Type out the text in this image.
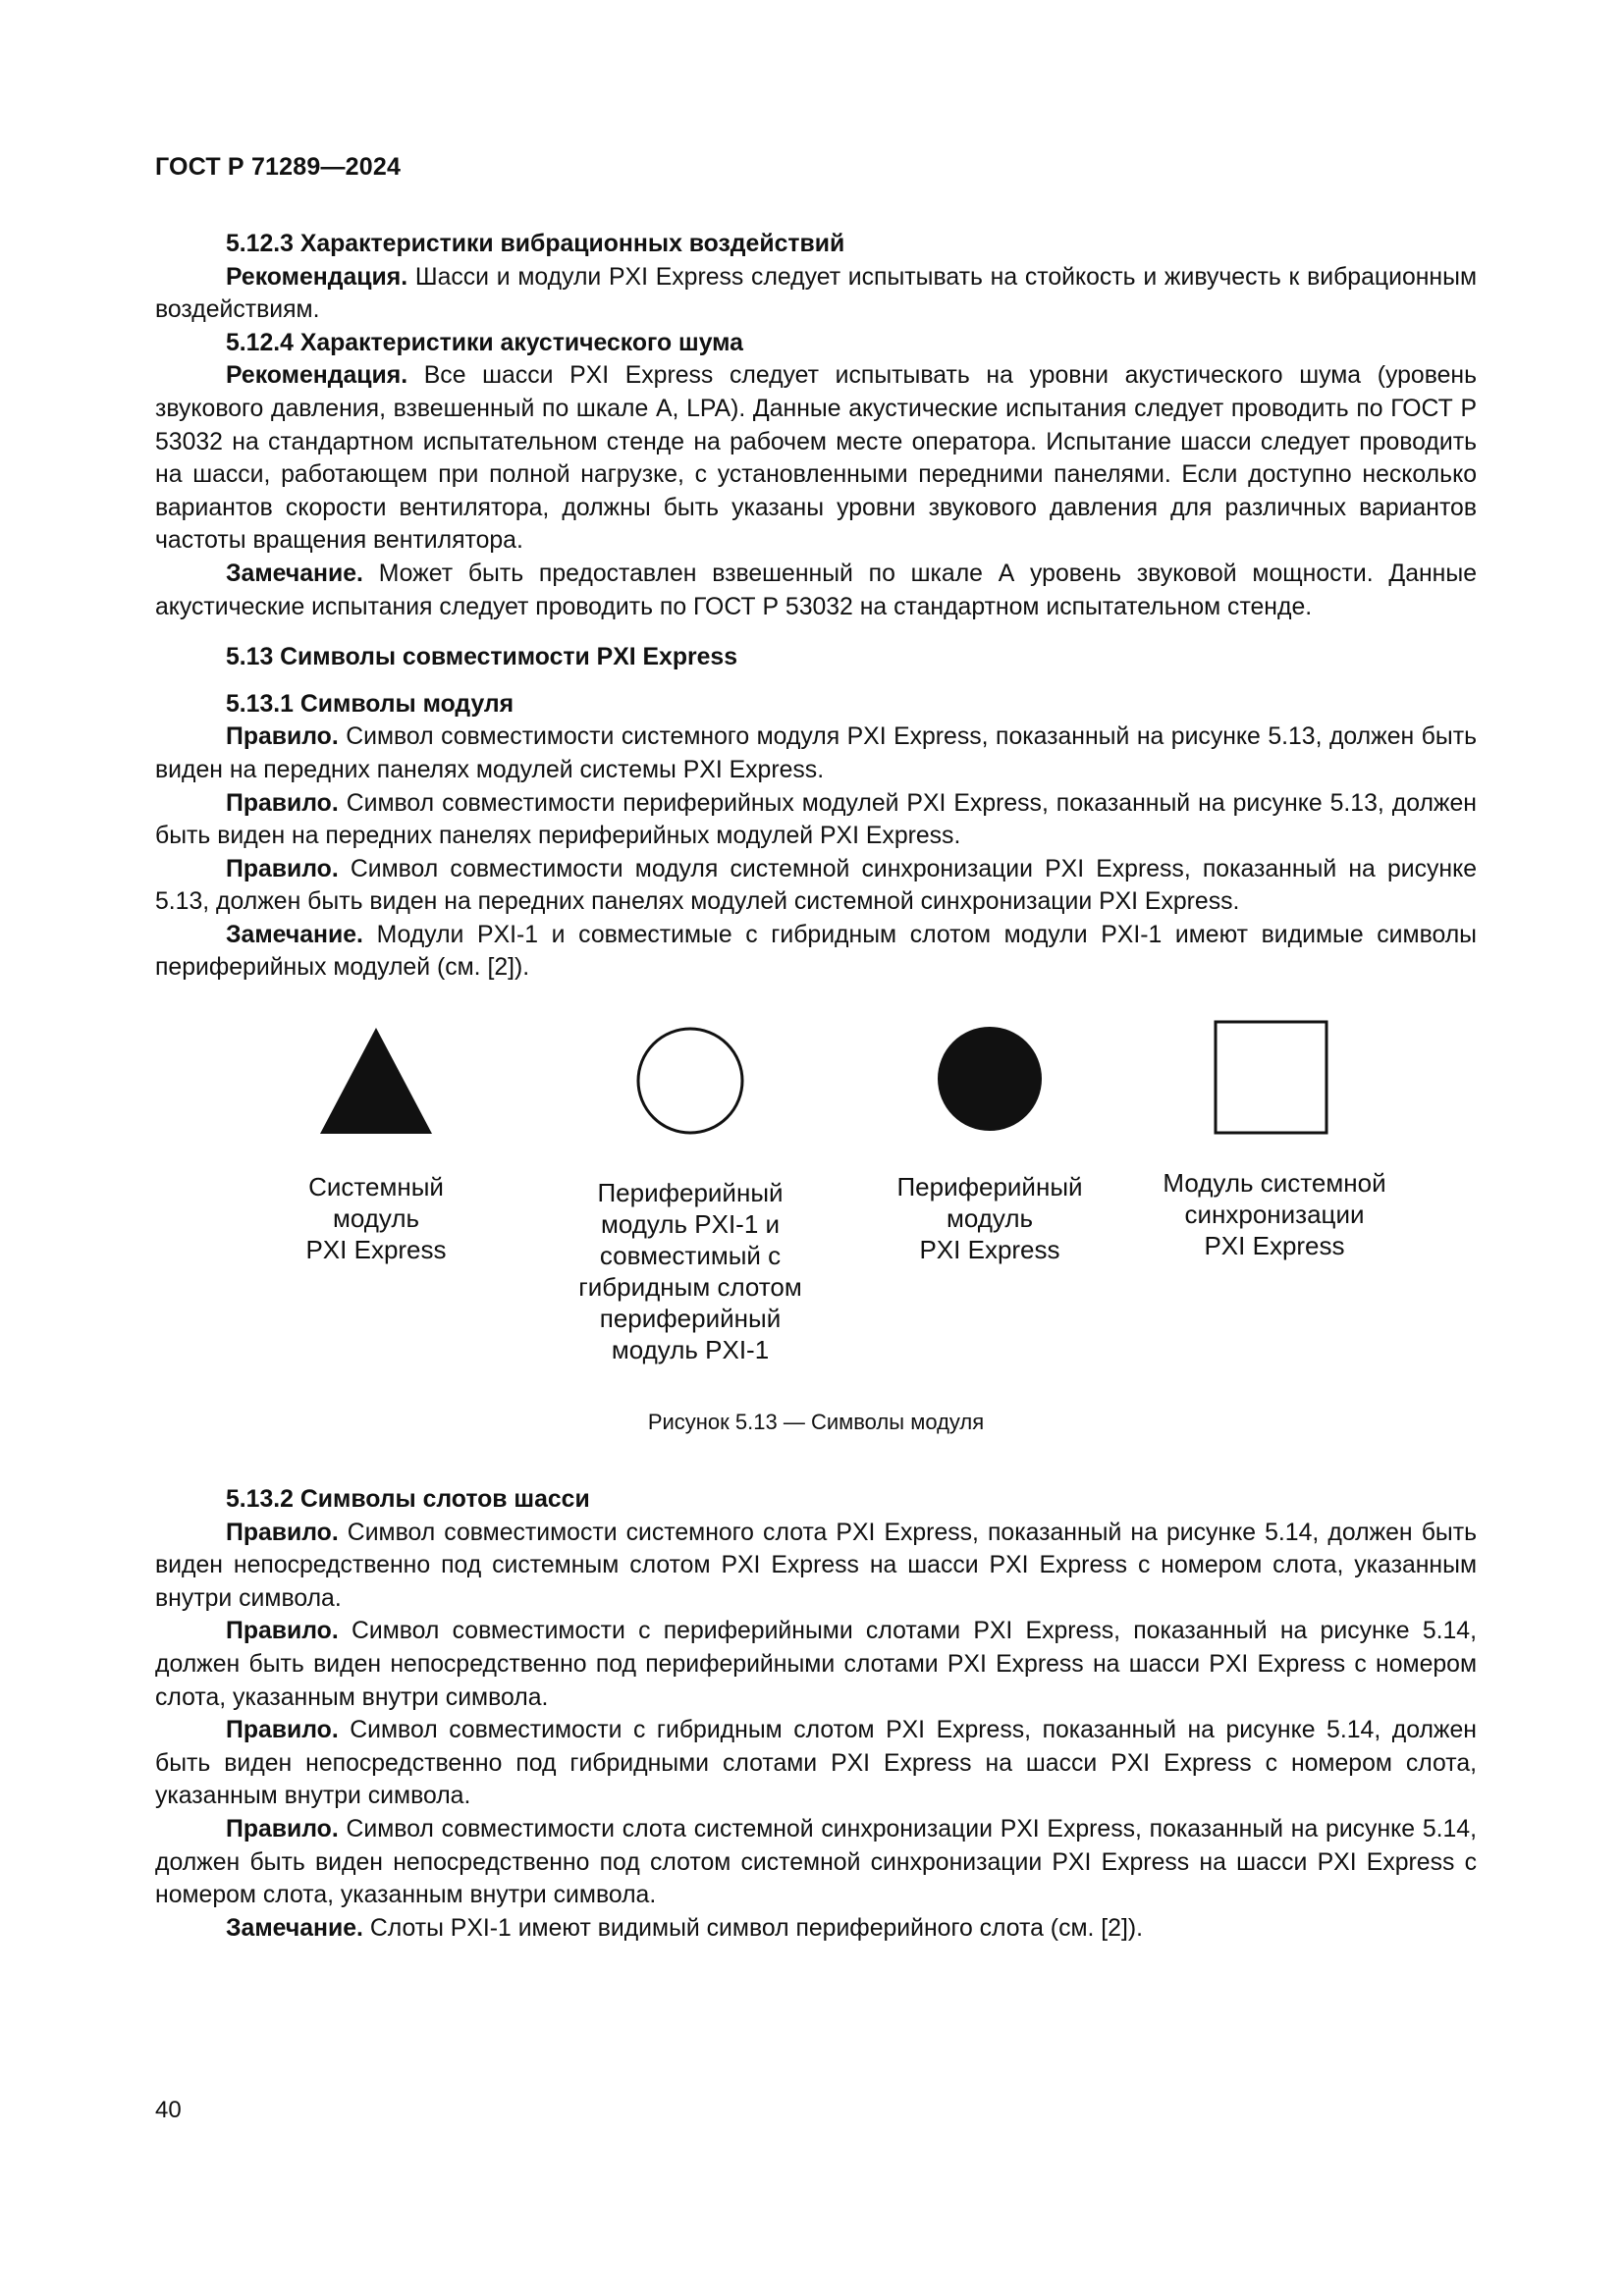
ГОСТ Р 71289—2024
5.12.3 Характеристики вибрационных воздействий

Рекомендация. Шасси и модули PXI Express следует испытывать на стойкость и живучесть к вибрационным воздействиям.

5.12.4 Характеристики акустического шума

Рекомендация. Все шасси PXI Express следует испытывать на уровни акустического шума (уровень звукового давления, взвешенный по шкале А, LPA). Данные акустические испытания следует проводить по ГОСТ Р 53032 на стандартном испытательном стенде на рабочем месте оператора. Испытание шасси следует проводить на шасси, работающем при полной нагрузке, с установленными передними панелями. Если доступно несколько вариантов скорости вентилятора, должны быть указаны уровни звукового давления для различных вариантов частоты вращения вентилятора.

Замечание. Может быть предоставлен взвешенный по шкале А уровень звуковой мощности. Данные акустические испытания следует проводить по ГОСТ Р 53032 на стандартном испытательном стенде.

5.13 Символы совместимости PXI Express
5.13.1 Символы модуля

Правило. Символ совместимости системного модуля PXI Express, показанный на рисунке 5.13, должен быть виден на передних панелях модулей системы PXI Express.

Правило. Символ совместимости периферийных модулей PXI Express, показанный на рисунке 5.13, должен быть виден на передних панелях периферийных модулей PXI Express.

Правило. Символ совместимости модуля системной синхронизации PXI Express, показанный на рисунке 5.13, должен быть виден на передних панелях модулей системной синхронизации PXI Express.

Замечание. Модули PXI-1 и совместимые с гибридным слотом модули PXI-1 имеют видимые символы периферийных модулей (см. [2]).

Системный модуль
PXI Express
Периферийный
модуль PXI-1 и
совместимый с
гибридным слотом
периферийный
модуль PXI-1
Периферийный
модуль
PXI Express
Модуль системной
синхронизации
PXI Express
Рисунок 5.13 — Символы модуля
5.13.2 Символы слотов шасси

Правило. Символ совместимости системного слота PXI Express, показанный на рисунке 5.14, должен быть виден непосредственно под системным слотом PXI Express на шасси PXI Express с номером слота, указанным внутри символа.

Правило. Символ совместимости с периферийными слотами PXI Express, показанный на рисунке 5.14, должен быть виден непосредственно под периферийными слотами PXI Express на шасси PXI Express с номером слота, указанным внутри символа.

Правило. Символ совместимости с гибридным слотом PXI Express, показанный на рисунке 5.14, должен быть виден непосредственно под гибридными слотами PXI Express на шасси PXI Express с номером слота, указанным внутри символа.

Правило. Символ совместимости слота системной синхронизации PXI Express, показанный на рисунке 5.14, должен быть виден непосредственно под слотом системной синхронизации PXI Express на шасси PXI Express с номером слота, указанным внутри символа.

Замечание. Слоты PXI-1 имеют видимый символ периферийного слота (см. [2]).

40
